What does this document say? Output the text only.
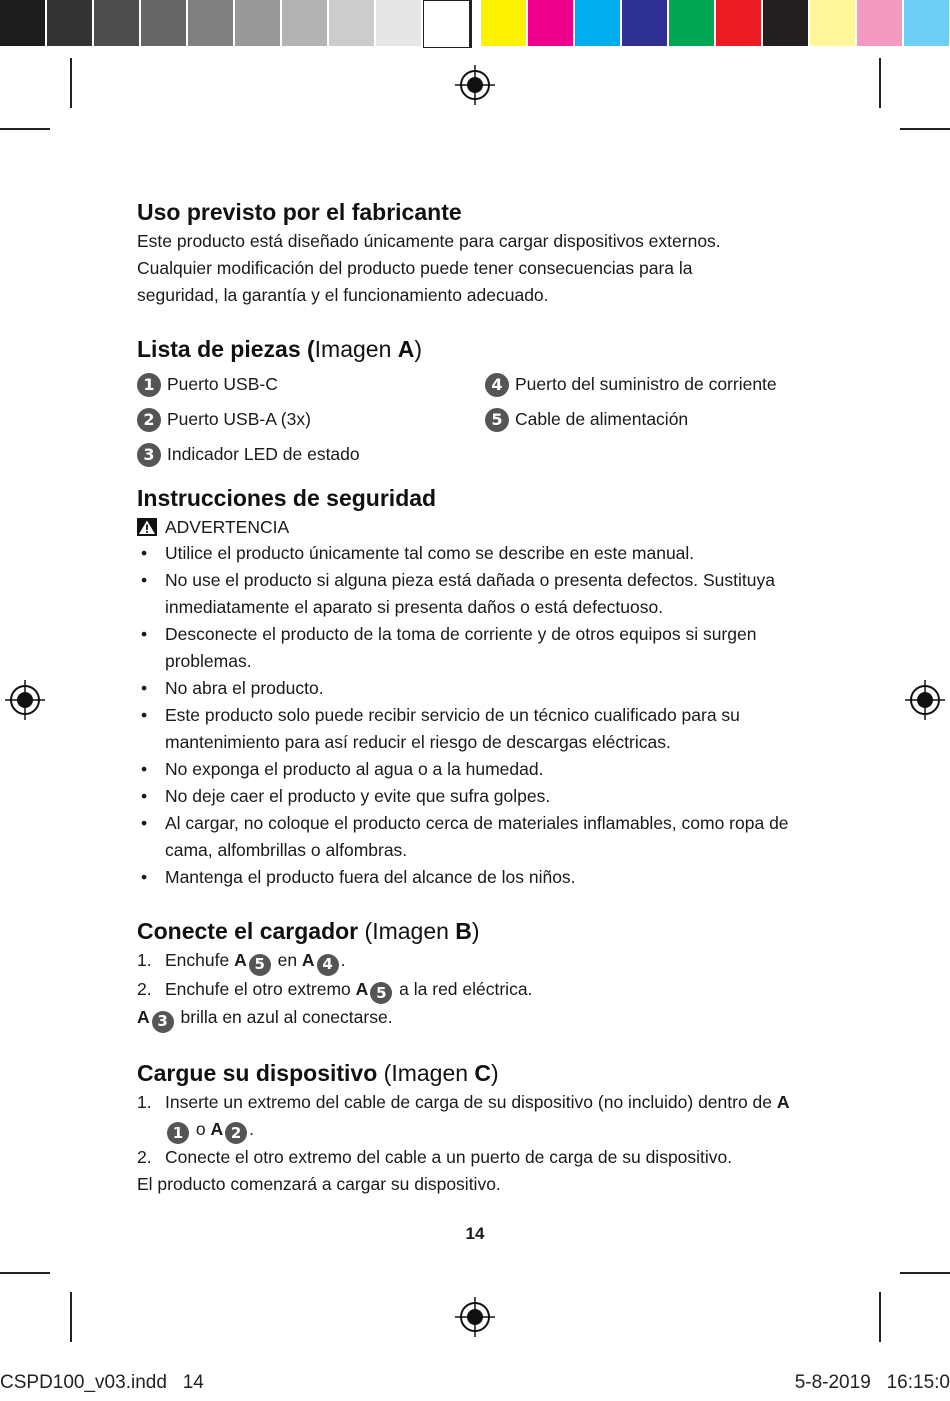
Uso previsto por el fabricante

Este producto está diseñado únicamente para cargar dispositivos externos.

Cualquier modificación del producto puede tener consecuencias para la

seguridad, la garantía y el funcionamiento adecuado.

Lista de piezas (Imagen A)
1 Puerto USB-C	4 Puerto del suministro de corriente
2 Puerto USB-A (3x)	5 Cable de alimentación
3 Indicador LED de estado
Instrucciones de seguridad
ADVERTENCIA
• Utilice el producto únicamente tal como se describe en este manual.
• No use el producto si alguna pieza está dañada o presenta defectos. Sustituya inmediatamente el aparato si presenta daños o está defectuoso.
• Desconecte el producto de la toma de corriente y de otros equipos si surgen problemas.
• No abra el producto.
• Este producto solo puede recibir servicio de un técnico cualificado para su mantenimiento para así reducir el riesgo de descargas eléctricas.
• No exponga el producto al agua o a la humedad.
• No deje caer el producto y evite que sufra golpes.
• Al cargar, no coloque el producto cerca de materiales inflamables, como ropa de cama, alfombrillas o alfombras.
• Mantenga el producto fuera del alcance de los niños.
Conecte el cargador (Imagen B)
1. Enchufe A 5 en A 4 .
2. Enchufe el otro extremo A 5 a la red eléctrica.

A 3 brilla en azul al conectarse.

Cargue su dispositivo (Imagen C)
1. Inserte un extremo del cable de carga de su dispositivo (no incluido) dentro de A1 o A 2 .
2. Conecte el otro extremo del cable a un puerto de carga de su dispositivo.

El producto comenzará a cargar su dispositivo.

14
CSPD100_v03.indd   14	5-8-2019   16:15:0
